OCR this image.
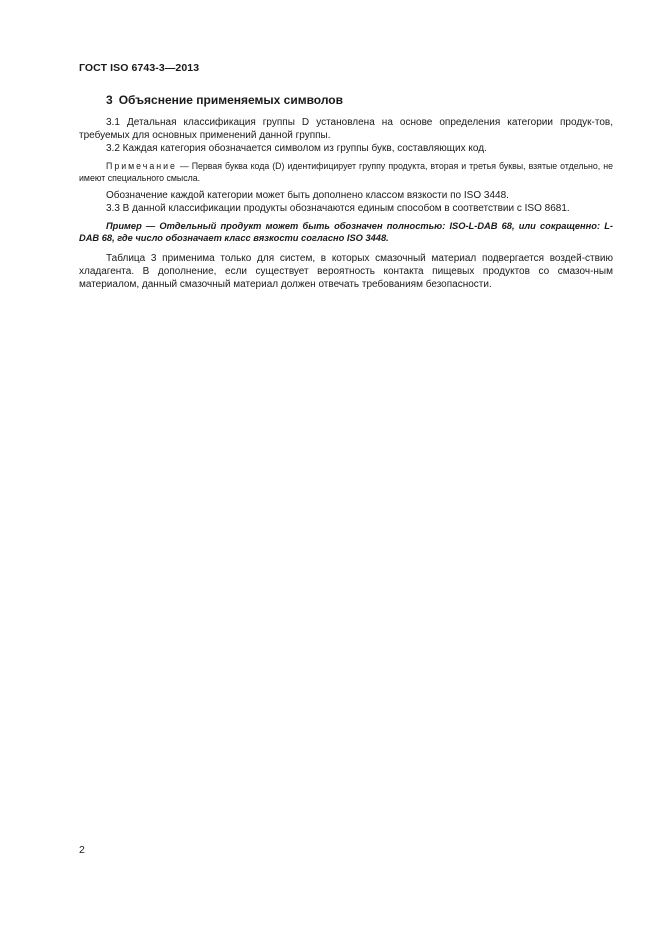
ГОСТ ISO 6743-3—2013
3 Объяснение применяемых символов

3.1 Детальная классификация группы D установлена на основе определения категории продук-тов, требуемых для основных применений данной группы.

3.2 Каждая категория обозначается символом из группы букв, составляющих код.

Примечание — Первая буква кода (D) идентифицирует группу продукта, вторая и третья буквы, взятые отдельно, не имеют специального смысла.

Обозначение каждой категории может быть дополнено классом вязкости по ISO 3448.

3.3 В данной классификации продукты обозначаются единым способом в соответствии с ISO 8681.

Пример — Отдельный продукт может быть обозначен полностью: ISO-L-DAB 68, или сокращенно: L-DAB 68, где число обозначает класс вязкости согласно ISO 3448.

Таблица 3 применима только для систем, в которых смазочный материал подвергается воздей-ствию хладагента. В дополнение, если существует вероятность контакта пищевых продуктов со смазоч-ным материалом, данный смазочный материал должен отвечать требованиям безопасности.

2
